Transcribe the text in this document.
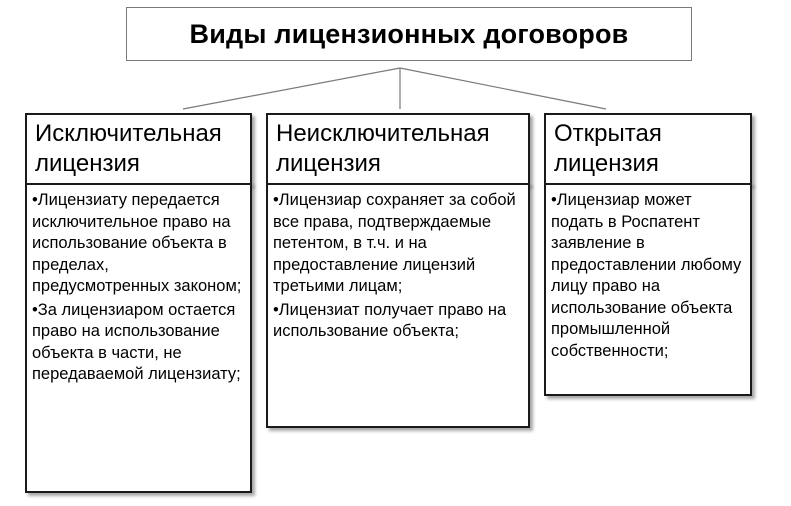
Виды лицензионных договоров
Исключительная
лицензия

•Лицензиату передается исключительное право на использование объекта в пределах, предусмотренных законом;

•За лицензиаром остается право на использование объекта в части, не передаваемой лицензиату;

Неисключительная
лицензия

•Лицензиар сохраняет за собой все права, подтверждаемые петентом, в т.ч. и на предоставление лицензий третьими лицам;

•Лицензиат получает право на использование объекта;

Открытая
лицензия

•Лицензиар может подать в Роспатент заявление в предоставлении любому лицу право на использование объекта промышленной собственности;
